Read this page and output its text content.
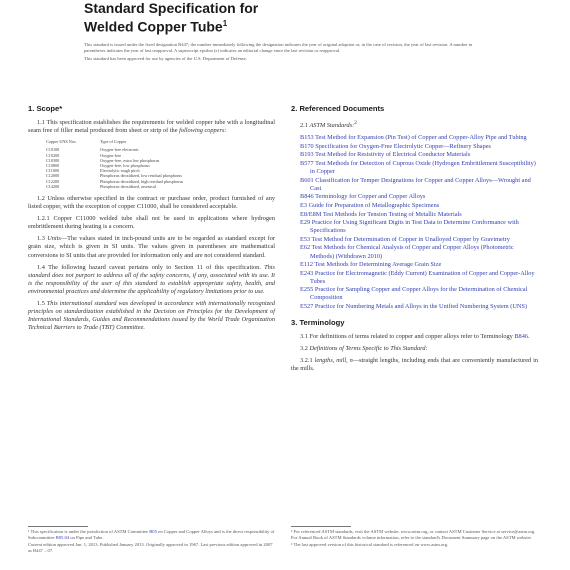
Standard Specification for
Welded Copper Tube$^1$

This standard is issued under the fixed designation B447; the number immediately following the designation indicates the year of original adoption or, in the case of revision, the year of last revision. A number in parentheses indicates the year of last reapproval. A superscript epsilon (ε) indicates an editorial change since the last revision or reapproval.

This standard has been approved for use by agencies of the U.S. Department of Defense.

1. Scope*
1.1 This specification establishes the requirements for welded copper tube with a longitudinal seam free of filler metal produced from sheet or strip of the following coppers:
Copper UNS Nos.	Type of Copper
C10100	Oxygen-free electronic
C10200	Oxygen-free
C10300	Oxygen-free, extra low phosphorus
C10800	Oxygen-free, low phosphorus
C11000	Electrolytic tough pitch
C12000	Phosphorus deoxidized, low residual phosphorus
C12200	Phosphorus deoxidized, high residual phosphorus
C14200	Phosphorus deoxidized, arsenical
1.2 Unless otherwise specified in the contract or purchase order, product furnished of any listed copper, with the exception of copper C11000, shall be considered acceptable.
1.2.1 Copper C11000 welded tube shall not be used in applications where hydrogen embrittlement during heating is a concern.
1.3 Units—The values stated in inch-pound units are to be regarded as standard except for grain size, which is given in SI units. The values given in parentheses are mathematical conversions to SI units that are provided for information only and are not considered standard.
1.4 The following hazard caveat pertains only to Section 11 of this specification. This standard does not purport to address all of the safety concerns, if any, associated with its use. It is the responsibility of the user of this standard to establish appropriate safety, health, and environmental practices and determine the applicability of regulatory limitations prior to use.
1.5 This international standard was developed in accordance with internationally recognized principles on standardization established in the Decision on Principles for the Development of International Standards, Guides and Recommendations issued by the World Trade Organization Technical Barriers to Trade (TBT) Committee.
2. Referenced Documents
2.1 ASTM Standards:$^2$
B153 Test Method for Expansion (Pin Test) of Copper and Copper-Alloy Pipe and Tubing
B170 Specification for Oxygen-Free Electrolytic Copper—Refinery Shapes
B193 Test Method for Resistivity of Electrical Conductor Materials
B577 Test Methods for Detection of Cuprous Oxide (Hydrogen Embrittlement Susceptibility) in Copper
B601 Classification for Temper Designations for Copper and Copper Alloys—Wrought and Cast
B846 Terminology for Copper and Copper Alloys
E3 Guide for Preparation of Metallographic Specimens
E8/E8M Test Methods for Tension Testing of Metallic Materials
E29 Practice for Using Significant Digits in Test Data to Determine Conformance with Specifications
E53 Test Method for Determination of Copper in Unalloyed Copper by Gravimetry
E62 Test Methods for Chemical Analysis of Copper and Copper Alloys (Photometric Methods) (Withdrawn 2010)
E112 Test Methods for Determining Average Grain Size
E243 Practice for Electromagnetic (Eddy Current) Examination of Copper and Copper-Alloy Tubes
E255 Practice for Sampling Copper and Copper Alloys for the Determination of Chemical Composition
E527 Practice for Numbering Metals and Alloys in the Unified Numbering System (UNS)
3. Terminology
3.1 For definitions of terms related to copper and copper alloys refer to Terminology B846.
3.2 Definitions of Terms Specific to This Standard:
3.2.1 lengths, mill, n—straight lengths, including ends that are conveniently manufactured in the mills.

¹ This specification is under the jurisdiction of ASTM Committee B05 on Copper and Copper Alloys and is the direct responsibility of Subcommittee B05.04 on Pipe and Tube.

Current edition approved Jan. 1, 2013. Published January 2013. Originally approved in 1967. Last previous edition approved in 2007 as B447 – 07.

² For referenced ASTM standards, visit the ASTM website, www.astm.org, or contact ASTM Customer Service at service@astm.org. For Annual Book of ASTM Standards volume information, refer to the standard's Document Summary page on the ASTM website.

³ The last approved version of this historical standard is referenced on www.astm.org.
